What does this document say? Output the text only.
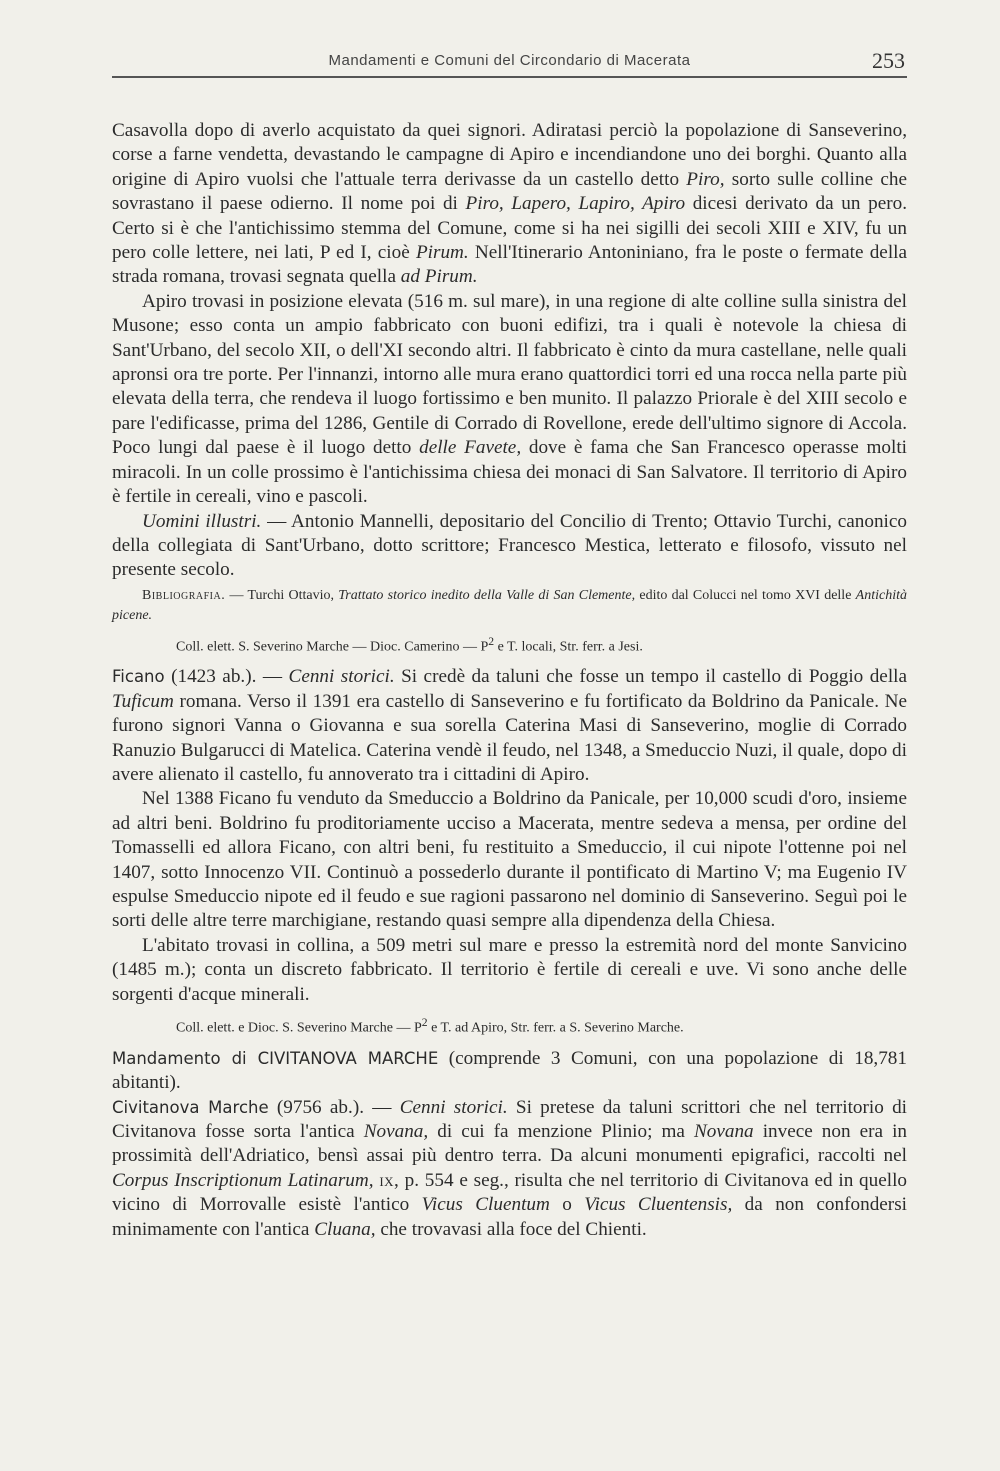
Mandamenti e Comuni del Circondario di Macerata	253

Casavolla dopo di averlo acquistato da quei signori. Adiratasi perciò la popolazione di Sanseverino, corse a farne vendetta, devastando le campagne di Apiro e incendiandone uno dei borghi. Quanto alla origine di Apiro vuolsi che l'attuale terra derivasse da un castello detto Piro, sorto sulle colline che sovrastano il paese odierno. Il nome poi di Piro, Lapero, Lapiro, Apiro dicesi derivato da un pero. Certo si è che l'antichissimo stemma del Comune, come si ha nei sigilli dei secoli XIII e XIV, fu un pero colle lettere, nei lati, P ed I, cioè Pirum. Nell'Itinerario Antoniniano, fra le poste o fermate della strada romana, trovasi segnata quella ad Pirum.

Apiro trovasi in posizione elevata (516 m. sul mare), in una regione di alte colline sulla sinistra del Musone; esso conta un ampio fabbricato con buoni edifizi, tra i quali è notevole la chiesa di Sant'Urbano, del secolo XII, o dell'XI secondo altri. Il fabbricato è cinto da mura castellane, nelle quali apronsi ora tre porte. Per l'innanzi, intorno alle mura erano quattordici torri ed una rocca nella parte più elevata della terra, che rendeva il luogo fortissimo e ben munito. Il palazzo Priorale è del XIII secolo e pare l'edificasse, prima del 1286, Gentile di Corrado di Rovellone, erede dell'ultimo signore di Accola. Poco lungi dal paese è il luogo detto delle Favete, dove è fama che San Francesco operasse molti miracoli. In un colle prossimo è l'antichissima chiesa dei monaci di San Salvatore. Il territorio di Apiro è fertile in cereali, vino e pascoli.

Uomini illustri. — Antonio Mannelli, depositario del Concilio di Trento; Ottavio Turchi, canonico della collegiata di Sant'Urbano, dotto scrittore; Francesco Mestica, letterato e filosofo, vissuto nel presente secolo.

Bibliografia. — Turchi Ottavio, Trattato storico inedito della Valle di San Clemente, edito dal Colucci nel tomo XVI delle Antichità picene.

Coll. elett. S. Severino Marche — Dioc. Camerino — $P^2$ e T. locali, Str. ferr. a Jesi.

Ficano (1423 ab.). — Cenni storici. Si credè da taluni che fosse un tempo il castello di Poggio della Tuficum romana. Verso il 1391 era castello di Sanseverino e fu fortificato da Boldrino da Panicale. Ne furono signori Vanna o Giovanna e sua sorella Caterina Masi di Sanseverino, moglie di Corrado Ranuzio Bulgarucci di Matelica. Caterina vendè il feudo, nel 1348, a Smeduccio Nuzi, il quale, dopo di avere alienato il castello, fu annoverato tra i cittadini di Apiro.

Nel 1388 Ficano fu venduto da Smeduccio a Boldrino da Panicale, per 10,000 scudi d'oro, insieme ad altri beni. Boldrino fu proditoriamente ucciso a Macerata, mentre sedeva a mensa, per ordine del Tomasselli ed allora Ficano, con altri beni, fu restituito a Smeduccio, il cui nipote l'ottenne poi nel 1407, sotto Innocenzo VII. Continuò a possederlo durante il pontificato di Martino V; ma Eugenio IV espulse Smeduccio nipote ed il feudo e sue ragioni passarono nel dominio di Sanseverino. Seguì poi le sorti delle altre terre marchigiane, restando quasi sempre alla dipendenza della Chiesa.

L'abitato trovasi in collina, a 509 metri sul mare e presso la estremità nord del monte Sanvicino (1485 m.); conta un discreto fabbricato. Il territorio è fertile di cereali e uve. Vi sono anche delle sorgenti d'acque minerali.

Coll. elett. e Dioc. S. Severino Marche — $P^2$ e T. ad Apiro, Str. ferr. a S. Severino Marche.

Mandamento di CIVITANOVA MARCHE (comprende 3 Comuni, con una popolazione di 18,781 abitanti).

Civitanova Marche (9756 ab.). — Cenni storici. Si pretese da taluni scrittori che nel territorio di Civitanova fosse sorta l'antica Novana, di cui fa menzione Plinio; ma Novana invece non era in prossimità dell'Adriatico, bensì assai più dentro terra. Da alcuni monumenti epigrafici, raccolti nel Corpus Inscriptionum Latinarum, ix, p. 554 e seg., risulta che nel territorio di Civitanova ed in quello vicino di Morrovalle esistè l'antico Vicus Cluentum o Vicus Cluentensis, da non confondersi minimamente con l'antica Cluana, che trovavasi alla foce del Chienti.
